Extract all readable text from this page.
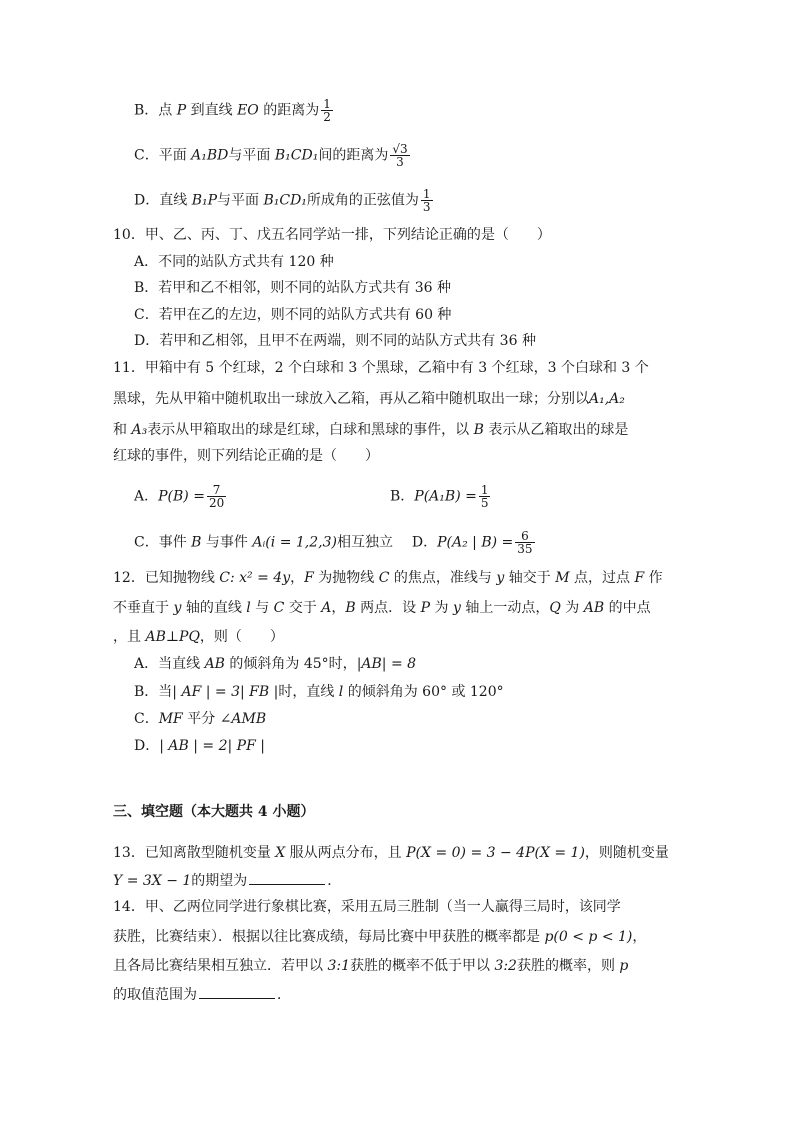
B．点 P 到直线 EO 的距离为 $\frac{1}{2}$
C．平面 A₁BD与平面 B₁CD₁间的距离为 $\frac{√3}{3}$
D．直线 B₁P与平面 B₁CD₁所成角的正弦值为 $\frac{1}{3}$
10．甲、乙、丙、丁、戊五名同学站一排，下列结论正确的是（　　）
A．不同的站队方式共有 120 种
B．若甲和乙不相邻，则不同的站队方式共有 36 种
C．若甲在乙的左边，则不同的站队方式共有 60 种
D．若甲和乙相邻，且甲不在两端，则不同的站队方式共有 36 种
11．甲箱中有 5 个红球，2 个白球和 3 个黑球，乙箱中有 3 个红球，3 个白球和 3 个
黑球，先从甲箱中随机取出一球放入乙箱，再从乙箱中随机取出一球；分别以A₁,A₂
和 A₃表示从甲箱取出的球是红球，白球和黑球的事件，以 B 表示从乙箱取出的球是
红球的事件，则下列结论正确的是（　　）
A．$P(B) = \frac{7}{20}$	B．$P(A_1B) = \frac{1}{5}$
C．事件 B 与事件 Aᵢ(i = 1,2,3)相互独立 D．P(A₂ | $B) = \frac{6}{35}$
12．已知抛物线 C: x² = 4y，F 为抛物线 C 的焦点，准线与 y 轴交于 M 点，过点 F 作
不垂直于 y 轴的直线 l 与 C 交于 A，B 两点．设 P 为 y 轴上一动点，Q 为 AB 的中点
，且 AB⊥PQ，则（　　）
A．当直线 AB 的倾斜角为 45°时，|AB| = 8
B．当| AF | = 3| FB |时，直线 l 的倾斜角为 60° 或 120°
C．MF 平分 ∠AMB
D．| AB | = 2| PF |
三、填空题（本大题共 4 小题）
13．已知离散型随机变量 X 服从两点分布，且 P(X = 0) = 3 − 4P(X = 1)，则随机变量
Y = 3X − 1的期望为	．
14．甲、乙两位同学进行象棋比赛，采用五局三胜制（当一人赢得三局时，该同学
获胜，比赛结束）．根据以往比赛成绩，每局比赛中甲获胜的概率都是 p(0 < p < 1)，
且各局比赛结果相互独立．若甲以 3:1获胜的概率不低于甲以 3:2获胜的概率，则 p
的取值范围为	．
